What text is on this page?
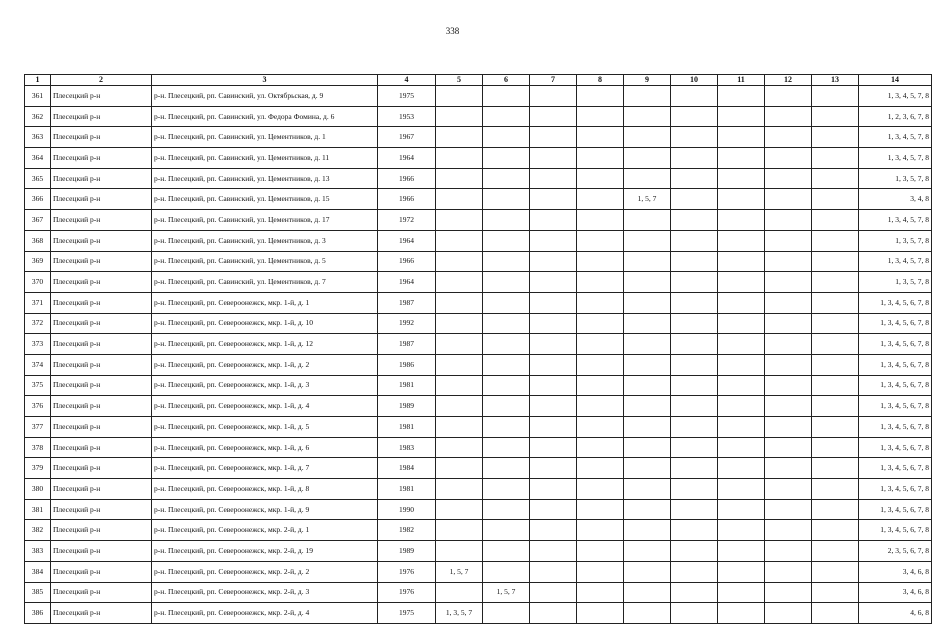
338
1	2	3	4	5	6	7	8	9	10	11	12	13	14
361	Плесецкий р-н	р-н. Плесецкий, рп. Савинский, ул. Октябрьская, д. 9	1975										1, 3, 4, 5, 7, 8
362	Плесецкий р-н	р-н. Плесецкий, рп. Савинский, ул. Федора Фомина, д. 6	1953										1, 2, 3, 6, 7, 8
363	Плесецкий р-н	р-н. Плесецкий, рп. Савинский, ул. Цементников, д. 1	1967										1, 3, 4, 5, 7, 8
364	Плесецкий р-н	р-н. Плесецкий, рп. Савинский, ул. Цементников, д. 11	1964										1, 3, 4, 5, 7, 8
365	Плесецкий р-н	р-н. Плесецкий, рп. Савинский, ул. Цементников, д. 13	1966										1, 3, 5, 7, 8
366	Плесецкий р-н	р-н. Плесецкий, рп. Савинский, ул. Цементников, д. 15	1966					1, 5, 7					3, 4, 8
367	Плесецкий р-н	р-н. Плесецкий, рп. Савинский, ул. Цементников, д. 17	1972										1, 3, 4, 5, 7, 8
368	Плесецкий р-н	р-н. Плесецкий, рп. Савинский, ул. Цементников, д. 3	1964										1, 3, 5, 7, 8
369	Плесецкий р-н	р-н. Плесецкий, рп. Савинский, ул. Цементников, д. 5	1966										1, 3, 4, 5, 7, 8
370	Плесецкий р-н	р-н. Плесецкий, рп. Савинский, ул. Цементников, д. 7	1964										1, 3, 5, 7, 8
371	Плесецкий р-н	р-н. Плесецкий, рп. Североонежск, мкр. 1-й, д. 1	1987										1, 3, 4, 5, 6, 7, 8
372	Плесецкий р-н	р-н. Плесецкий, рп. Североонежск, мкр. 1-й, д. 10	1992										1, 3, 4, 5, 6, 7, 8
373	Плесецкий р-н	р-н. Плесецкий, рп. Североонежск, мкр. 1-й, д. 12	1987										1, 3, 4, 5, 6, 7, 8
374	Плесецкий р-н	р-н. Плесецкий, рп. Североонежск, мкр. 1-й, д. 2	1986										1, 3, 4, 5, 6, 7, 8
375	Плесецкий р-н	р-н. Плесецкий, рп. Североонежск, мкр. 1-й, д. 3	1981										1, 3, 4, 5, 6, 7, 8
376	Плесецкий р-н	р-н. Плесецкий, рп. Североонежск, мкр. 1-й, д. 4	1989										1, 3, 4, 5, 6, 7, 8
377	Плесецкий р-н	р-н. Плесецкий, рп. Североонежск, мкр. 1-й, д. 5	1981										1, 3, 4, 5, 6, 7, 8
378	Плесецкий р-н	р-н. Плесецкий, рп. Североонежск, мкр. 1-й, д. 6	1983										1, 3, 4, 5, 6, 7, 8
379	Плесецкий р-н	р-н. Плесецкий, рп. Североонежск, мкр. 1-й, д. 7	1984										1, 3, 4, 5, 6, 7, 8
380	Плесецкий р-н	р-н. Плесецкий, рп. Североонежск, мкр. 1-й, д. 8	1981										1, 3, 4, 5, 6, 7, 8
381	Плесецкий р-н	р-н. Плесецкий, рп. Североонежск, мкр. 1-й, д. 9	1990										1, 3, 4, 5, 6, 7, 8
382	Плесецкий р-н	р-н. Плесецкий, рп. Североонежск, мкр. 2-й, д. 1	1982										1, 3, 4, 5, 6, 7, 8
383	Плесецкий р-н	р-н. Плесецкий, рп. Североонежск, мкр. 2-й, д. 19	1989										2, 3, 5, 6, 7, 8
384	Плесецкий р-н	р-н. Плесецкий, рп. Североонежск, мкр. 2-й, д. 2	1976	1, 5, 7									3, 4, 6, 8
385	Плесецкий р-н	р-н. Плесецкий, рп. Североонежск, мкр. 2-й, д. 3	1976		1, 5, 7								3, 4, 6, 8
386	Плесецкий р-н	р-н. Плесецкий, рп. Североонежск, мкр. 2-й, д. 4	1975	1, 3, 5, 7									4, 6, 8
